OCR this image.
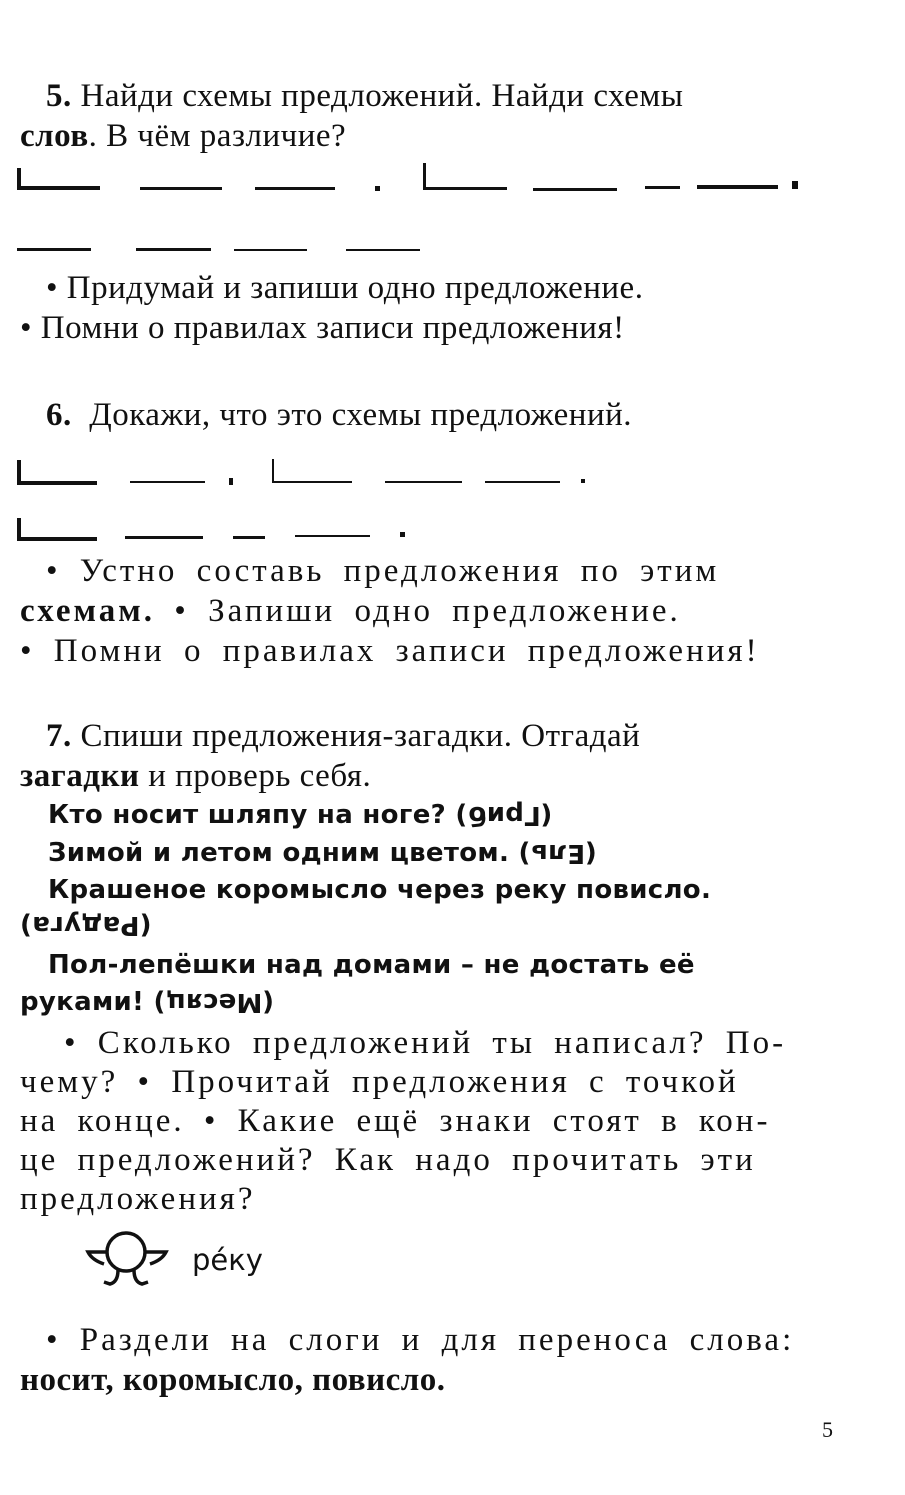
5. Найди схемы предложений. Найди схемы
слов. В чём различие?
• Придумай и запиши одно предложение.
• Помни о правилах записи предложения!
6.  Докажи, что это схемы предложений.
• Устно составь предложения по этим
схемам. • Запиши одно предложение.
• Помни о правилах записи предложения!
7. Спиши предложения-загадки. Отгадай
загадки и проверь себя.
Кто носит шляпу на ноге? (Гриб)
Зимой и летом одним цветом. (Ель)
Крашеное коромысло через реку повисло.
(Радуга)
Пол-лепёшки над домами – не достать её
руками! (Месяц)
• Сколько предложений ты написал? По-
чему? • Прочитай предложения с точкой
на конце. • Какие ещё знаки стоят в кон-
це предложений? Как надо прочитать эти
предложения?
ре́ку
• Раздели на слоги и для переноса слова:
носит, коромысло, повисло.
5
